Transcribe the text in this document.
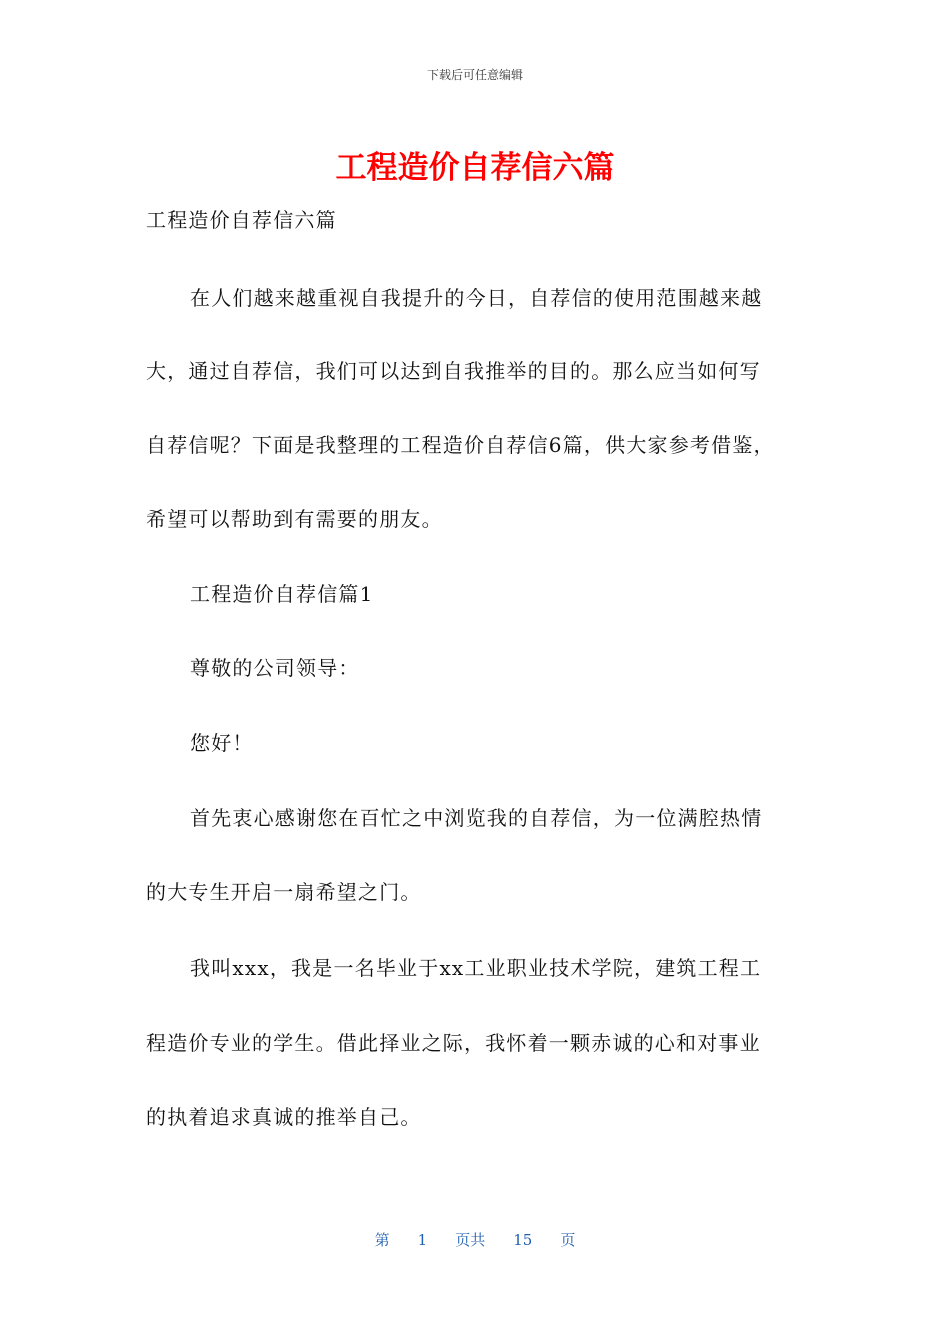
下载后可任意编辑
工程造价自荐信六篇
工程造价自荐信六篇
在人们越来越重视自我提升的今日，自荐信的使用范围越来越
大，通过自荐信，我们可以达到自我推举的目的。那么应当如何写
自荐信呢？下面是我整理的工程造价自荐信6篇，供大家参考借鉴，
希望可以帮助到有需要的朋友。
工程造价自荐信篇1
尊敬的公司领导：
您好！
首先衷心感谢您在百忙之中浏览我的自荐信，为一位满腔热情
的大专生开启一扇希望之门。
我叫xxx，我是一名毕业于xx工业职业技术学院，建筑工程工
程造价专业的学生。借此择业之际，我怀着一颗赤诚的心和对事业
的执着追求真诚的推举自己。
第 1 页共 15 页
